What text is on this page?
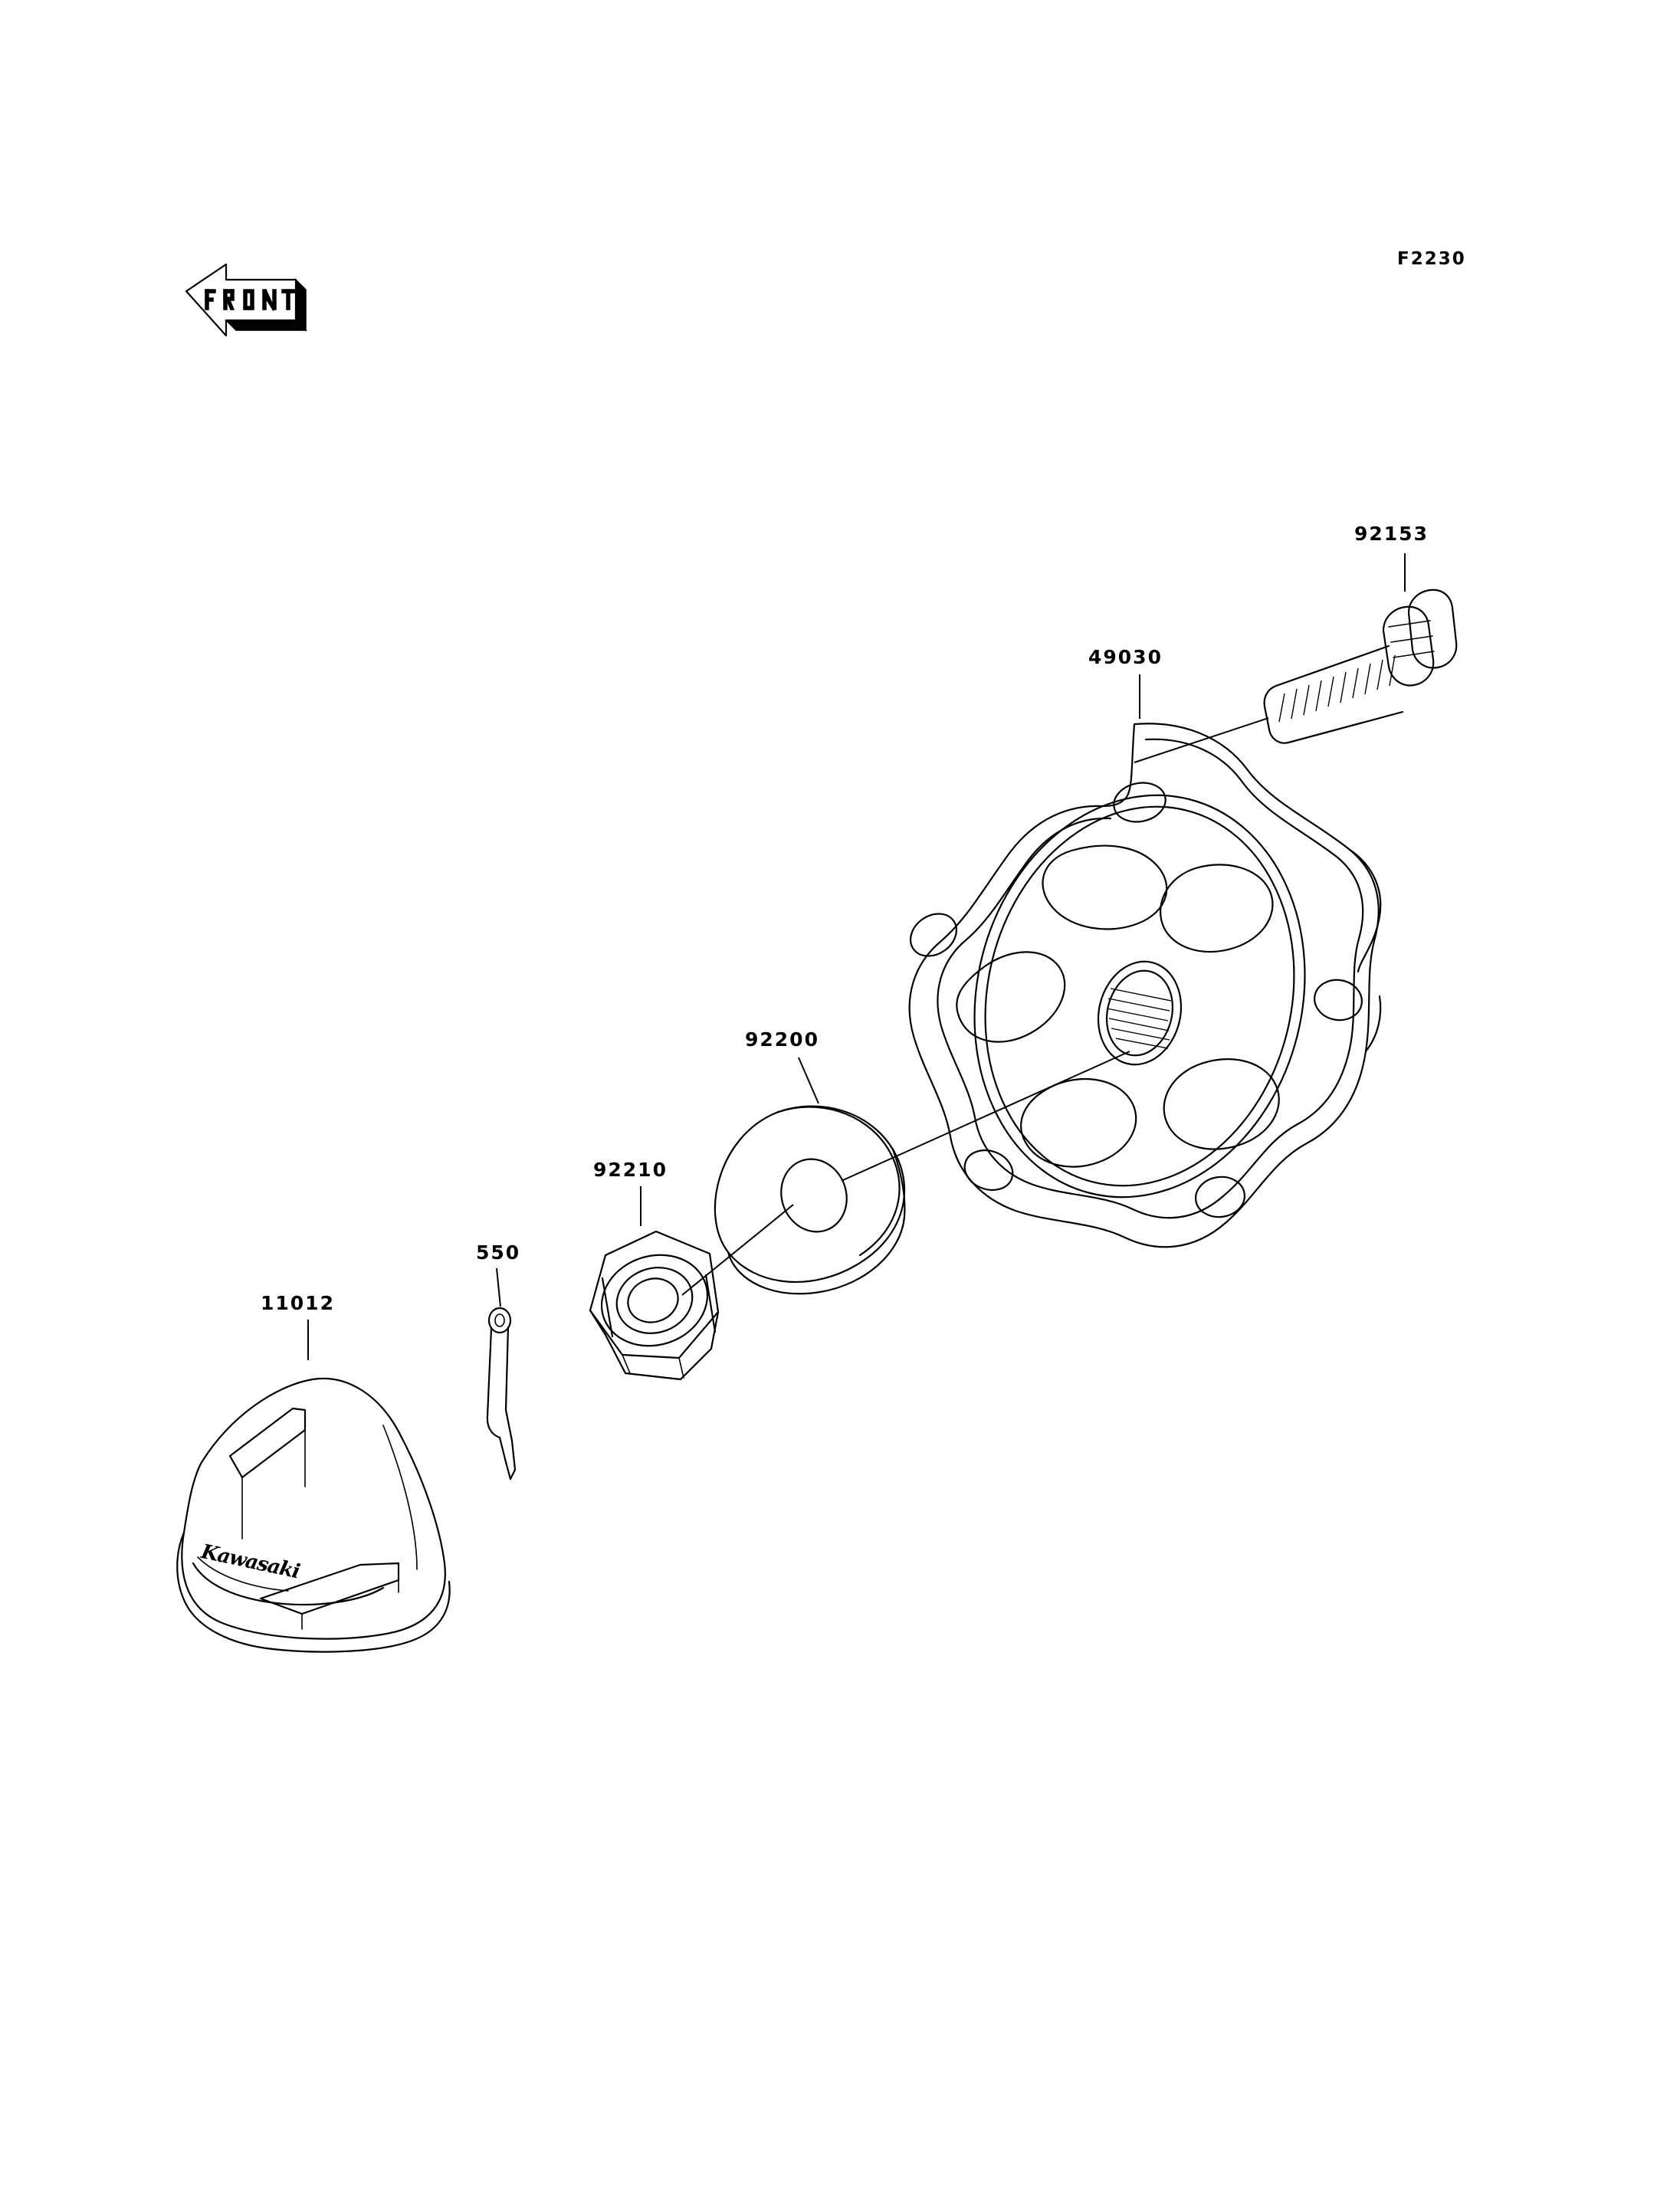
Kawasaki
F2230
92153
49030
92200
92210
550
11012
